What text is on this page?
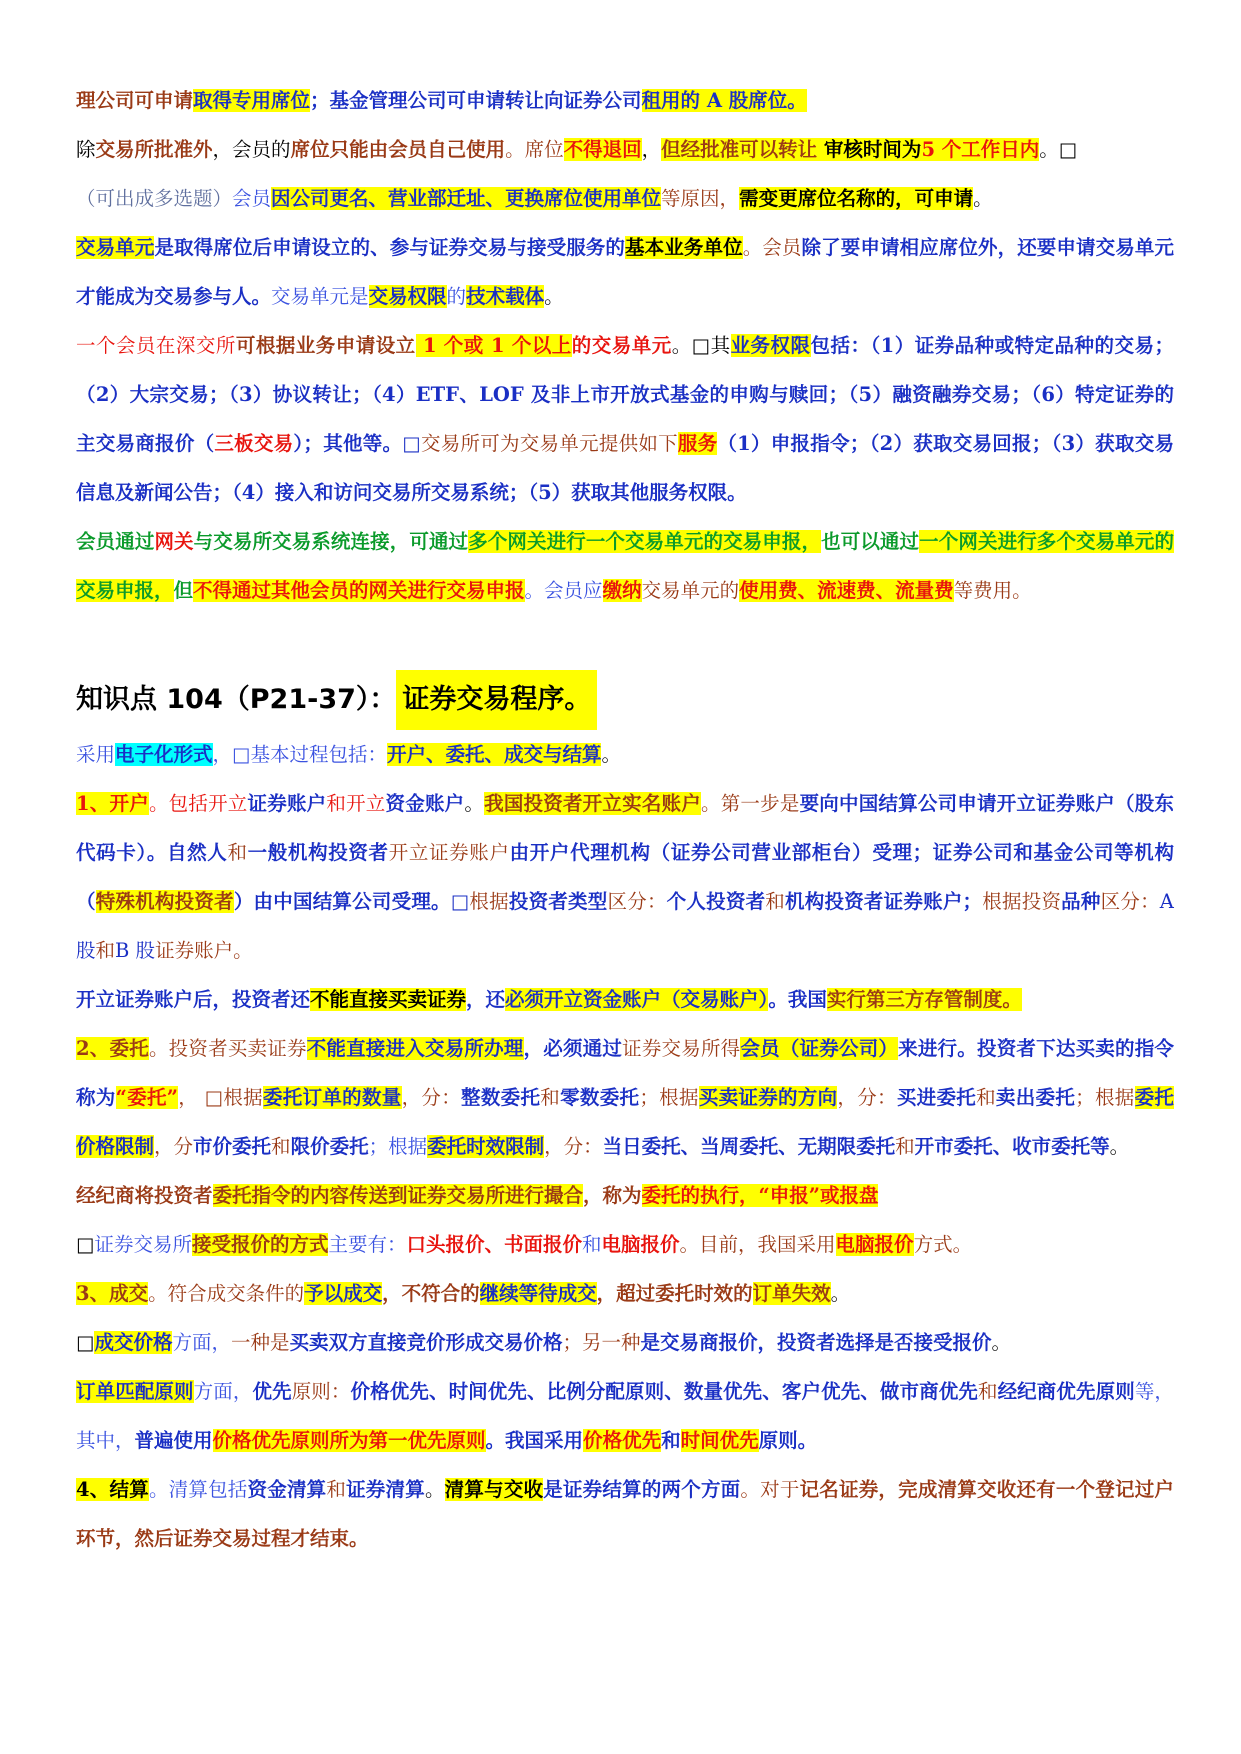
理公司可申请取得专用席位；基金管理公司可申请转让向证券公司租用的 A 股席位。

除交易所批准外，会员的席位只能由会员自己使用。席位不得退回，但经批准可以转让 审核时间为5 个工作日内。□

（可出成多选题）会员因公司更名、营业部迁址、更换席位使用单位等原因，需变更席位名称的，可申请。

交易单元是取得席位后申请设立的、参与证券交易与接受服务的基本业务单位。会员除了要申请相应席位外，还要申请交易单元才能成为交易参与人。交易单元是交易权限的技术载体。

一个会员在深交所可根据业务申请设立 1 个或 1 个以上的交易单元。□其业务权限包括：（1）证券品种或特定品种的交易；（2）大宗交易；（3）协议转让；（4）ETF、LOF 及非上市开放式基金的申购与赎回；（5）融资融券交易；（6）特定证券的主交易商报价（三板交易）；其他等。□交易所可为交易单元提供如下服务（1）申报指令；（2）获取交易回报；（3）获取交易信息及新闻公告；（4）接入和访问交易所交易系统；（5）获取其他服务权限。

会员通过网关与交易所交易系统连接，可通过多个网关进行一个交易单元的交易申报，也可以通过一个网关进行多个交易单元的交易申报，但不得通过其他会员的网关进行交易申报。会员应缴纳交易单元的使用费、流速费、流量费等费用。

知识点 104（P21-37）： 证券交易程序。

采用电子化形式，□基本过程包括：开户、委托、成交与结算。

1、开户。包括开立证券账户和开立资金账户。我国投资者开立实名账户。第一步是要向中国结算公司申请开立证券账户（股东代码卡）。自然人和一般机构投资者开立证券账户由开户代理机构（证券公司营业部柜台）受理；证券公司和基金公司等机构（特殊机构投资者）由中国结算公司受理。□根据投资者类型区分：个人投资者和机构投资者证券账户；根据投资品种区分：A 股和B 股证券账户。

开立证券账户后，投资者还不能直接买卖证券，还必须开立资金账户（交易账户）。我国实行第三方存管制度。

2、委托。投资者买卖证券不能直接进入交易所办理，必须通过证券交易所得会员（证券公司）来进行。投资者下达买卖的指令称为“委托”， □根据委托订单的数量，分：整数委托和零数委托；根据买卖证券的方向，分：买进委托和卖出委托；根据委托价格限制，分市价委托和限价委托；根据委托时效限制，分：当日委托、当周委托、无期限委托和开市委托、收市委托等。

经纪商将投资者委托指令的内容传送到证券交易所进行撮合，称为委托的执行，“申报”或报盘

□证券交易所接受报价的方式主要有：口头报价、书面报价和电脑报价。目前，我国采用电脑报价方式。

3、成交。符合成交条件的予以成交，不符合的继续等待成交，超过委托时效的订单失效。

□成交价格方面，一种是买卖双方直接竞价形成交易价格；另一种是交易商报价，投资者选择是否接受报价。

订单匹配原则方面，优先原则：价格优先、时间优先、比例分配原则、数量优先、客户优先、做市商优先和经纪商优先原则等，其中，普遍使用价格优先原则所为第一优先原则。我国采用价格优先和时间优先原则。

4、结算。清算包括资金清算和证券清算。清算与交收是证券结算的两个方面。对于记名证券，完成清算交收还有一个登记过户环节，然后证券交易过程才结束。
